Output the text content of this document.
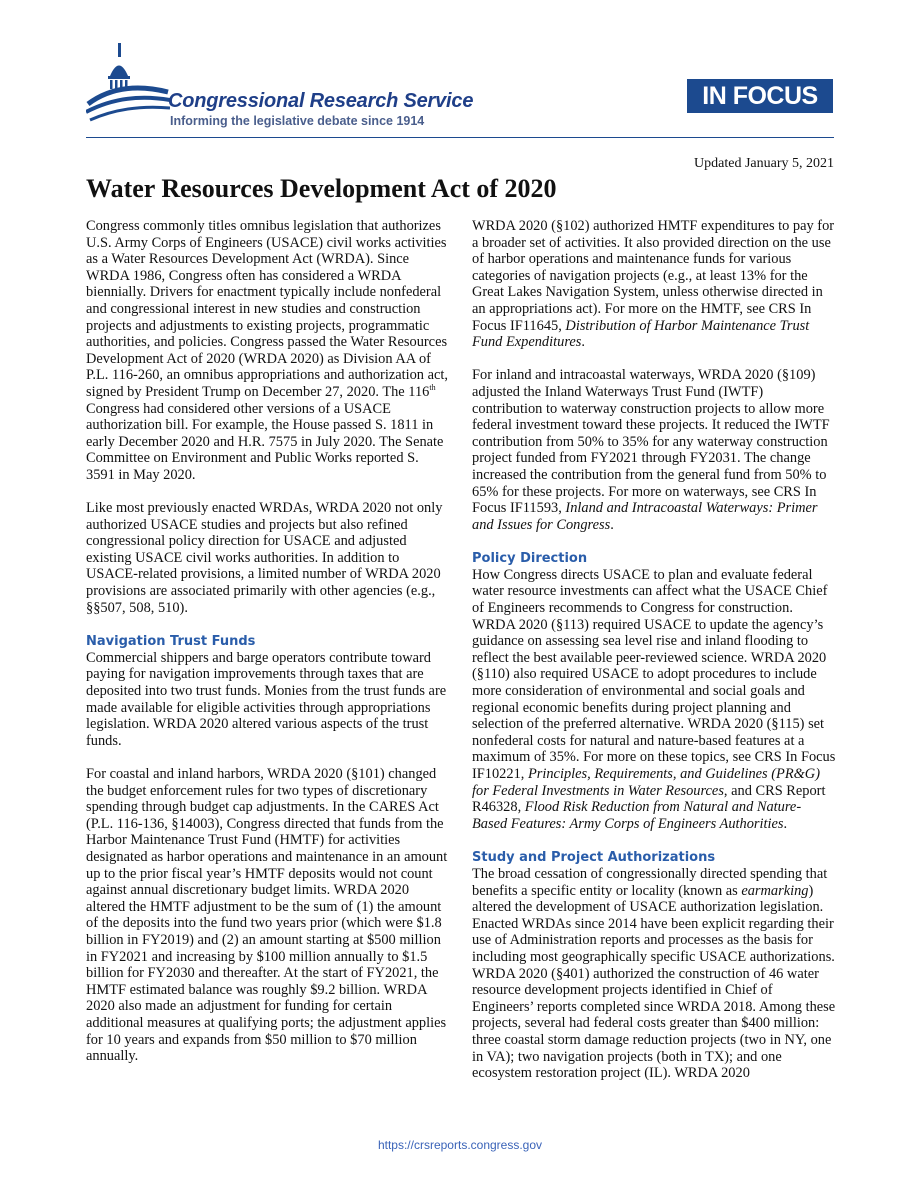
Congressional Research Service
Informing the legislative debate since 1914
IN FOCUS
Updated January 5, 2021
Water Resources Development Act of 2020

Congress commonly titles omnibus legislation that authorizes U.S. Army Corps of Engineers (USACE) civil works activities as a Water Resources Development Act (WRDA). Since WRDA 1986, Congress often has considered a WRDA biennially. Drivers for enactment typically include nonfederal and congressional interest in new studies and construction projects and adjustments to existing projects, programmatic authorities, and policies. Congress passed the Water Resources Development Act of 2020 (WRDA 2020) as Division AA of P.L. 116-260, an omnibus appropriations and authorization act, signed by President Trump on December 27, 2020. The 116th Congress had considered other versions of a USACE authorization bill. For example, the House passed S. 1811 in early December 2020 and H.R. 7575 in July 2020. The Senate Committee on Environment and Public Works reported S. 3591 in May 2020.

Like most previously enacted WRDAs, WRDA 2020 not only authorized USACE studies and projects but also refined congressional policy direction for USACE and adjusted existing USACE civil works authorities. In addition to USACE-related provisions, a limited number of WRDA 2020 provisions are associated primarily with other agencies (e.g., §§507, 508, 510).

Navigation Trust Funds

Commercial shippers and barge operators contribute toward paying for navigation improvements through taxes that are deposited into two trust funds. Monies from the trust funds are made available for eligible activities through appropriations legislation. WRDA 2020 altered various aspects of the trust funds.

For coastal and inland harbors, WRDA 2020 (§101) changed the budget enforcement rules for two types of discretionary spending through budget cap adjustments. In the CARES Act (P.L. 116-136, §14003), Congress directed that funds from the Harbor Maintenance Trust Fund (HMTF) for activities designated as harbor operations and maintenance in an amount up to the prior fiscal year’s HMTF deposits would not count against annual discretionary budget limits. WRDA 2020 altered the HMTF adjustment to be the sum of (1) the amount of the deposits into the fund two years prior (which were $1.8 billion in FY2019) and (2) an amount starting at $500 million in FY2021 and increasing by $100 million annually to $1.5 billion for FY2030 and thereafter. At the start of FY2021, the HMTF estimated balance was roughly $9.2 billion. WRDA 2020 also made an adjustment for funding for certain additional measures at qualifying ports; the adjustment applies for 10 years and expands from $50 million to $70 million annually.

WRDA 2020 (§102) authorized HMTF expenditures to pay for a broader set of activities. It also provided direction on the use of harbor operations and maintenance funds for various categories of navigation projects (e.g., at least 13% for the Great Lakes Navigation System, unless otherwise directed in an appropriations act). For more on the HMTF, see CRS In Focus IF11645, Distribution of Harbor Maintenance Trust Fund Expenditures.

For inland and intracoastal waterways, WRDA 2020 (§109) adjusted the Inland Waterways Trust Fund (IWTF) contribution to waterway construction projects to allow more federal investment toward these projects. It reduced the IWTF contribution from 50% to 35% for any waterway construction project funded from FY2021 through FY2031. The change increased the contribution from the general fund from 50% to 65% for these projects. For more on waterways, see CRS In Focus IF11593, Inland and Intracoastal Waterways: Primer and Issues for Congress.

Policy Direction

How Congress directs USACE to plan and evaluate federal water resource investments can affect what the USACE Chief of Engineers recommends to Congress for construction. WRDA 2020 (§113) required USACE to update the agency’s guidance on assessing sea level rise and inland flooding to reflect the best available peer-reviewed science. WRDA 2020 (§110) also required USACE to adopt procedures to include more consideration of environmental and social goals and regional economic benefits during project planning and selection of the preferred alternative. WRDA 2020 (§115) set nonfederal costs for natural and nature-based features at a maximum of 35%. For more on these topics, see CRS In Focus IF10221, Principles, Requirements, and Guidelines (PR&G) for Federal Investments in Water Resources, and CRS Report R46328, Flood Risk Reduction from Natural and Nature-Based Features: Army Corps of Engineers Authorities.

Study and Project Authorizations

The broad cessation of congressionally directed spending that benefits a specific entity or locality (known as earmarking) altered the development of USACE authorization legislation. Enacted WRDAs since 2014 have been explicit regarding their use of Administration reports and processes as the basis for including most geographically specific USACE authorizations. WRDA 2020 (§401) authorized the construction of 46 water resource development projects identified in Chief of Engineers’ reports completed since WRDA 2018. Among these projects, several had federal costs greater than $400 million: three coastal storm damage reduction projects (two in NY, one in VA); two navigation projects (both in TX); and one ecosystem restoration project (IL). WRDA 2020

https://crsreports.congress.gov
